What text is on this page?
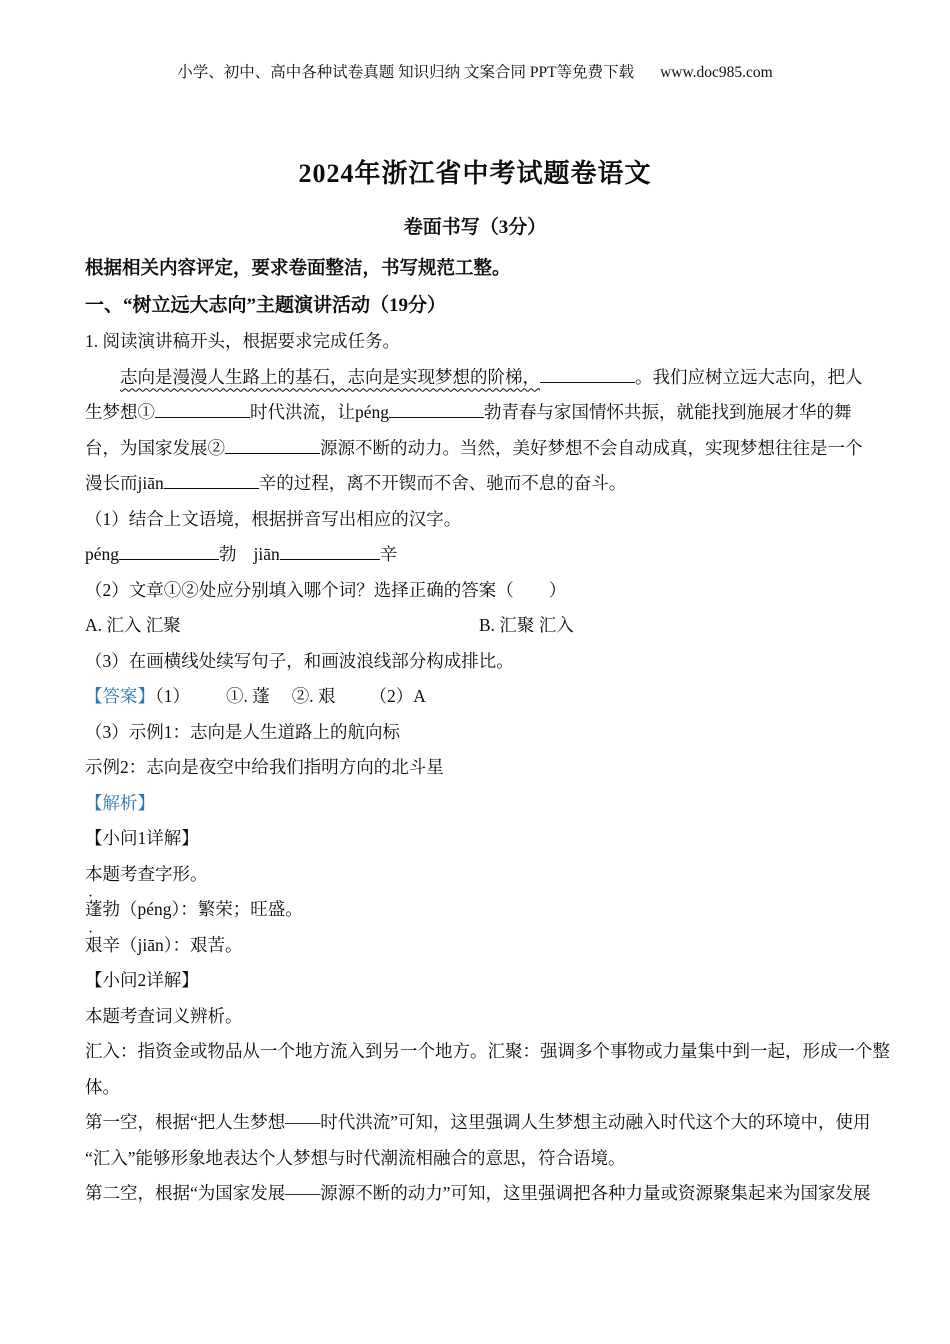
小学、初中、高中各种试卷真题 知识归纳 文案合同 PPT等免费下载 www.doc985.com
2024年浙江省中考试题卷语文
卷面书写（3分）

根据相关内容评定，要求卷面整洁，书写规范工整。

一、“树立远大志向”主题演讲活动（19分）

1. 阅读演讲稿开头，根据要求完成任务。

志向是漫漫人生路上的基石，志向是实现梦想的阶梯，	。我们应树立远大志向，把人

生梦想①	时代洪流，让péng	勃青春与家国情怀共振，就能找到施展才华的舞

台，为国家发展②	源源不断的动力。当然，美好梦想不会自动成真，实现梦想往往是一个

漫长而jiān	辛的过程，离不开锲而不舍、驰而不息的奋斗。

（1）结合上文语境，根据拼音写出相应的汉字。

péng	勃 jiān	辛

（2）文章①②处应分别填入哪个词？选择正确的答案（　　）

A. 汇入 汇聚	B. 汇聚 汇入

（3）在画横线处续写句子，和画波浪线部分构成排比。

【答案】（1） ①. 蓬 ②. 艰 （2）A

（3）示例1：志向是人生道路上的航向标

示例2：志向是夜空中给我们指明方向的北斗星

【解析】

【小问1详解】

本题考查字形。

蓬勃（péng）：繁荣；旺盛。

艰辛（jiān）：艰苦。

【小问2详解】

本题考查词义辨析。

汇入：指资金或物品从一个地方流入到另一个地方。汇聚：强调多个事物或力量集中到一起，形成一个整

体。

第一空，根据“把人生梦想——时代洪流”可知，这里强调人生梦想主动融入时代这个大的环境中，使用

“汇入”能够形象地表达个人梦想与时代潮流相融合的意思，符合语境。

第二空，根据“为国家发展——源源不断的动力”可知，这里强调把各种力量或资源聚集起来为国家发展
